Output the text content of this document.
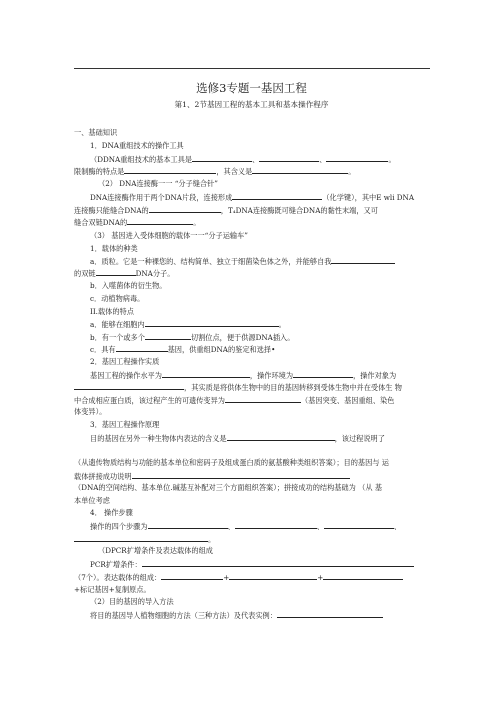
选修3专题一基因工程
第1、2节基因工程的基本工具和基本操作程序
一、基础知识
1．DNA重组技术的操作工具
（DDNA重组技术的基本工具是	、	、	。
限制酶的特点是	，其含义是	。
（2） DNA连接酶一一 “分子缝合针”
DNA连接酶作用于两个DNA片段，连接形成	（化学键），其中E wli DNA
连接酶只能缝合DNA的	，T₄DNA连接酶既可缝合DNA的黏性末端，又可
缝合双链DNA的	。
（3） 基因进入受体细胞的载体一一“分子运输车”
1．载体的种类
a．质粒。它是一种裸您的、结构简单、独立于细菌染色体之外，并能够自我
的双链	DNA分子。
b．入噬菌体的衍生物。
c．动植物病毒。
II.载体的特点
a．能够在细胞内	。
b．有一个或多个	切割位点，便于供源DNA插入。
c．具有	基因，供重组DNA的鉴定和选择•
2．基因工程操作实质
基因工程的操作水平为	，操作环境为	，操作对象为
，其实质是将供体生物中的目的基因转移到受体生物中并在受体生 物
中合成相应蛋白质，该过程产生的可遗传变异为	（基因突变、基因重组、染色
体变异）。
3．基因工程操作原理
目的基因在另外一种生物体内表达的含义是	，该过程说明了
（从遗传物质结构与功能的基本单位和密码子及组成蛋白质的氨基酸种类组织答案）；目的基因与 运
载体拼接成功说明
（DNA的空间结构、基本单位.碱基互补配对三个方面组织答案）；拼接成功的结构基础为 （从 基
本单位考虑
4． 操作步骤
操作的四个步骤为	、	、	、
。
（DPCR扩增条件及表达载体的组成
PCR扩增条件：
（7个）。表达载体的组成：	+	+
+标记基因+复制原点。
（2）目的基因的导入方法
将目的基因导人植物细胞的方法（三种方法）及代表实例：
